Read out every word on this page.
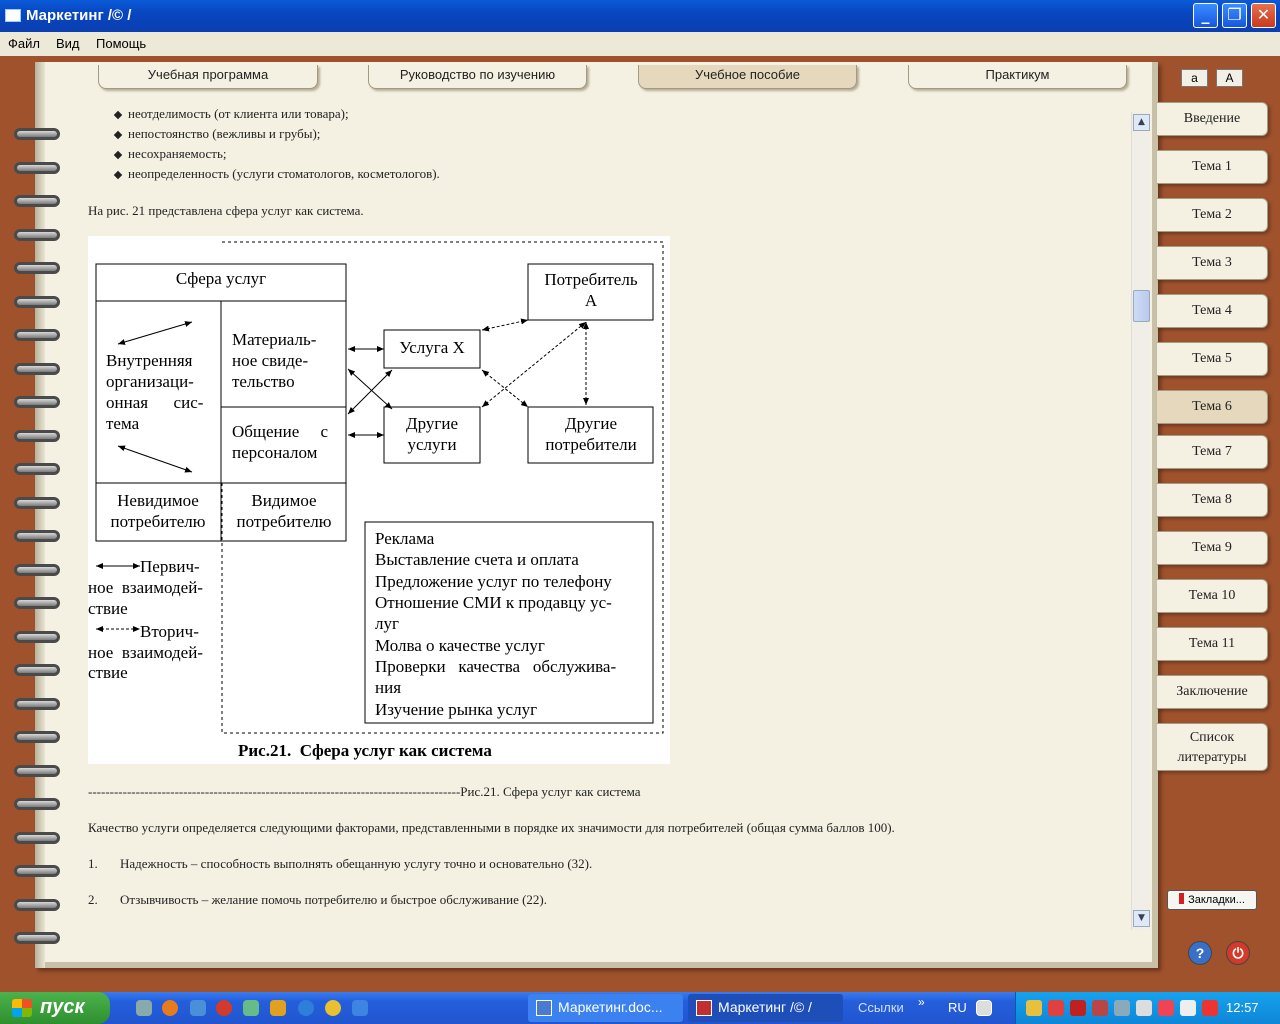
Маркетинг /© /	_	❐ ✕
Файл Вид Помощь
Учебная программа	Руководство по изучению	Учебное пособие	Практикум	a	A
неотделимость (от клиента или товара);
непостоянство (вежливы и грубы);
несохраняемость;
неопределенность (услуги стоматологов, косметологов).
На рис. 21 представлена сфера услуг как система.
--------------------------------------------------------------------------------------Рис.21. Сфера услуг как система
Качество услуги определяется следующими факторами, представленными в порядке их значимости для потребителей (общая сумма баллов 100).
1. Надежность – способность выполнять обещанную услугу точно и основательно (32).
2. Отзывчивость – желание помочь потребителю и быстрое обслуживание (22).
Сфера услуг
Внутренняя
организаци-
онная      сис-
тема
Материаль-
ное свиде-
тельство
Общение     с
персоналом
Невидимое
потребителю
Видимое
потребителю
Услуга X
Потребитель
А
Другие
услуги
Другие
потребители
Первич-
ное  взаимодей-
ствие
Вторич-
ное  взаимодей-
ствие
Реклама
Выставление счета и оплата
Предложение услуг по телефону
Отношение СМИ к продавцу ус-
луг
Молва о качестве услуг
Проверки   качества   обслужива-
ния
Изучение рынка услуг
Рис.21.  Сфера услуг как система
▲
▼
Введение
Тема 1
Тема 2
Тема 3
Тема 4
Тема 5
Тема 6
Тема 7
Тема 8
Тема 9
Тема 10
Тема 11
Заключение
Список литературы
Закладки...
?	⏻
пуск	Маркетинг.doc...	Маркетинг /© /	Ссылки » RU	12:57
